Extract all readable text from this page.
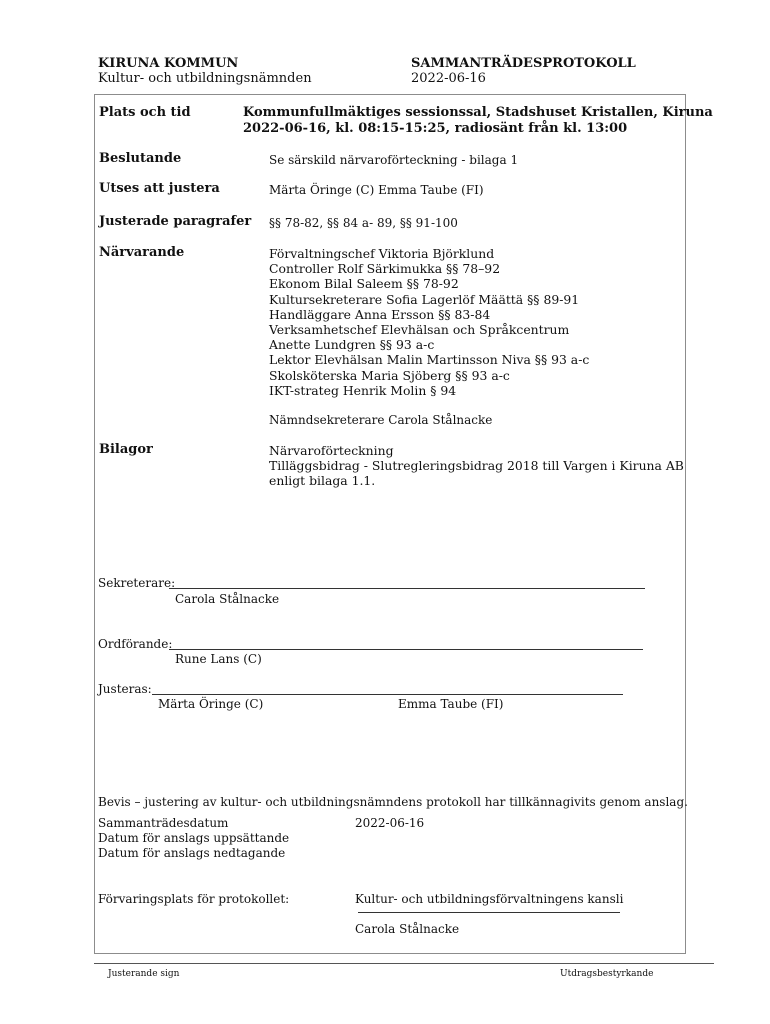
KIRUNA KOMMUN
Kultur- och utbildningsnämnden
SAMMANTRÄDESPROTOKOLL
2022-06-16
Plats och tid	Kommunfullmäktiges sessionssal, Stadshuset Kristallen, Kiruna
2022-06-16, kl. 08:15-15:25, radiosänt från kl. 13:00
Beslutande	Se särskild närvaroförteckning - bilaga 1
Utses att justera	Märta Öringe (C) Emma Taube (FI)
Justerade paragrafer §§ 78-82, §§ 84 a- 89, §§ 91-100
Närvarande	Förvaltningschef Viktoria Björklund
Controller Rolf Särkimukka §§ 78–92
Ekonom Bilal Saleem §§ 78-92
Kultursekreterare Sofia Lagerlöf Määttä §§ 89-91
Handläggare Anna Ersson §§ 83-84
Verksamhetschef Elevhälsan och Språkcentrum
Anette Lundgren §§ 93 a-c
Lektor Elevhälsan Malin Martinsson Niva §§ 93 a-c
Skolsköterska Maria Sjöberg §§ 93 a-c
IKT-strateg Henrik Molin § 94
Nämndsekreterare Carola Stålnacke
Bilagor	Närvaroförteckning
Tilläggsbidrag - Slutregleringsbidrag 2018 till Vargen i Kiruna AB
enligt bilaga 1.1.
Sekreterare:
Carola Stålnacke
Ordförande:
Rune Lans (C)
Justeras:
Märta Öringe (C)	Emma Taube (FI)
Bevis – justering av kultur- och utbildningsnämndens protokoll har tillkännagivits genom anslag.
Sammanträdesdatum	2022-06-16
Datum för anslags uppsättande
Datum för anslags nedtagande
Förvaringsplats för protokollet:	Kultur- och utbildningsförvaltningens kansli
Carola Stålnacke
Justerande sign	Utdragsbestyrkande
